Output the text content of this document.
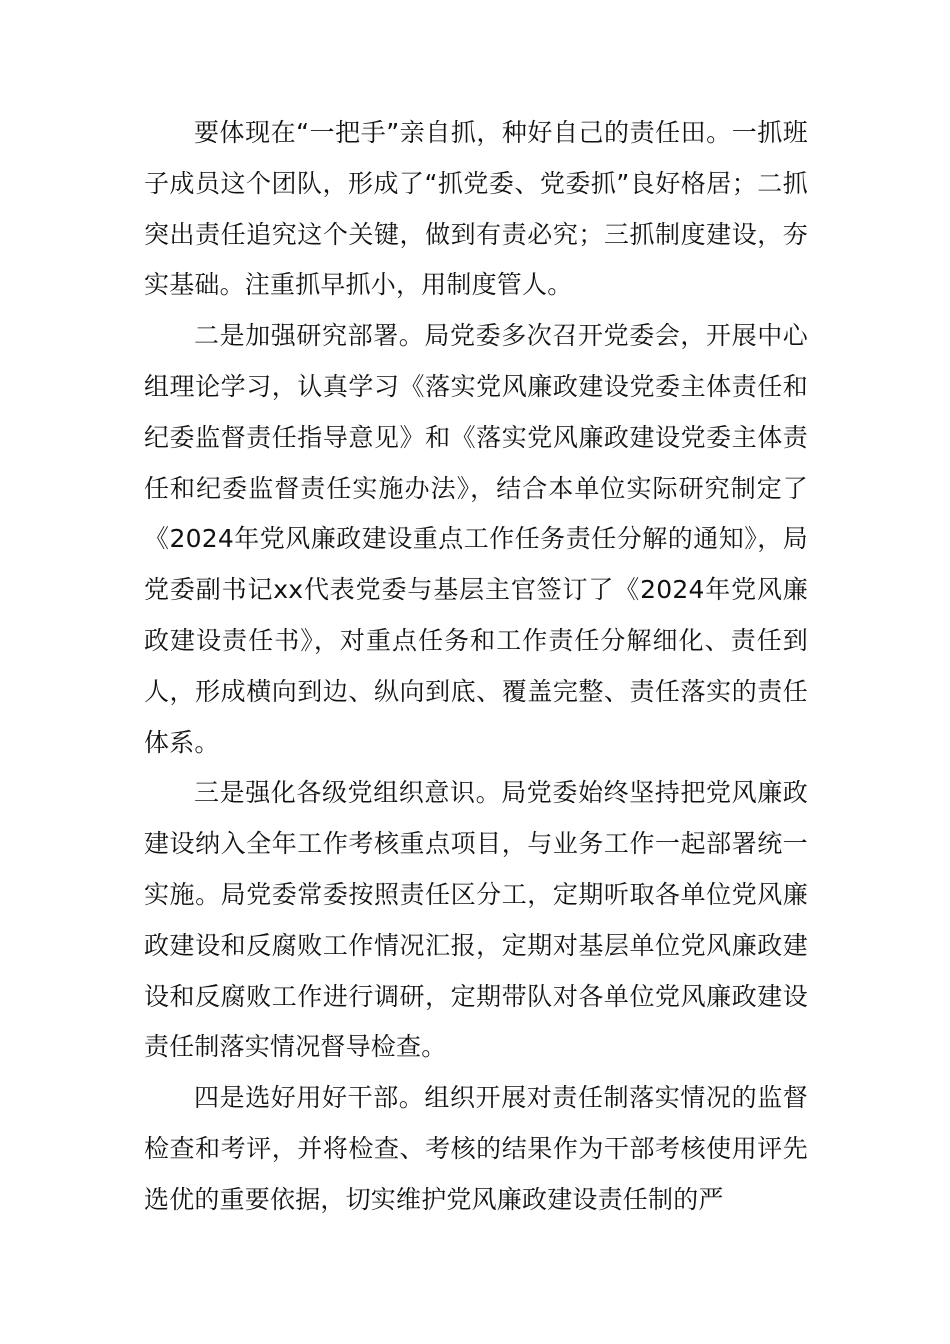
要体现在“一把手”亲自抓，种好自己的责任田。一抓班子成员这个团队，形成了“抓党委、党委抓”良好格居；二抓突出责任追究这个关键，做到有责必究；三抓制度建设，夯实基础。注重抓早抓小，用制度管人。

二是加强研究部署。局党委多次召开党委会，开展中心组理论学习，认真学习《落实党风廉政建设党委主体责任和纪委监督责任指导意见》和《落实党风廉政建设党委主体责任和纪委监督责任实施办法》，结合本单位实际研究制定了《2024年党风廉政建设重点工作任务责任分解的通知》，局党委副书记xx代表党委与基层主官签订了《2024年党风廉政建设责任书》，对重点任务和工作责任分解细化、责任到人，形成横向到边、纵向到底、覆盖完整、责任落实的责任体系。

三是强化各级党组织意识。局党委始终坚持把党风廉政建设纳入全年工作考核重点项目，与业务工作一起部署统一实施。局党委常委按照责任区分工，定期听取各单位党风廉政建设和反腐败工作情况汇报，定期对基层单位党风廉政建设和反腐败工作进行调研，定期带队对各单位党风廉政建设责任制落实情况督导检查。

四是选好用好干部。组织开展对责任制落实情况的监督检查和考评，并将检查、考核的结果作为干部考核使用评先选优的重要依据，切实维护党风廉政建设责任制的严
